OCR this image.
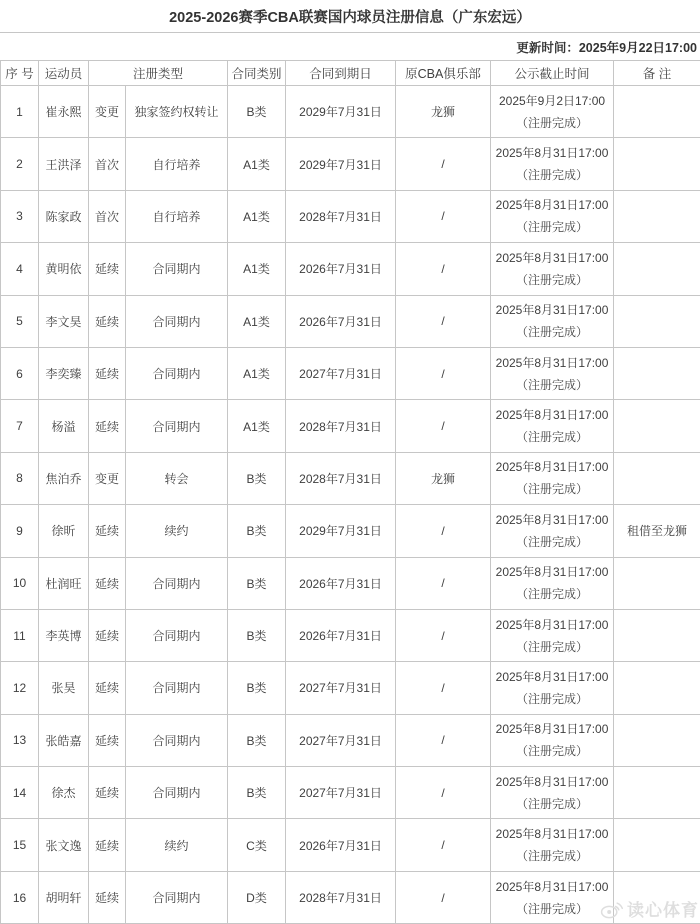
2025-2026赛季CBA联赛国内球员注册信息（广东宏远）
更新时间：2025年9月22日17:00
序 号	运动员	注册类型		合同类别	合同到期日	原CBA俱乐部	公示截止时间	备 注
1	崔永熙	变更	独家签约权转让	B类	2029年7月31日	龙狮	2025年9月2日17:00
（注册完成）	

2	王洪泽	首次	自行培养	A1类	2029年7月31日	/	2025年8月31日17:00
（注册完成）	

3	陈家政	首次	自行培养	A1类	2028年7月31日	/	2025年8月31日17:00
（注册完成）	

4	黄明依	延续	合同期内	A1类	2026年7月31日	/	2025年8月31日17:00
（注册完成）	

5	李文昊	延续	合同期内	A1类	2026年7月31日	/	2025年8月31日17:00
（注册完成）	

6	李奕臻	延续	合同期内	A1类	2027年7月31日	/	2025年8月31日17:00
（注册完成）	

7	杨溢	延续	合同期内	A1类	2028年7月31日	/	2025年8月31日17:00
（注册完成）	

8	焦泊乔	变更	转会	B类	2028年7月31日	龙狮	2025年8月31日17:00
（注册完成）	

9	徐昕	延续	续约	B类	2029年7月31日	/	2025年8月31日17:00
（注册完成）	租借至龙狮
10	杜润旺	延续	合同期内	B类	2026年7月31日	/	2025年8月31日17:00
（注册完成）	

11	李英博	延续	合同期内	B类	2026年7月31日	/	2025年8月31日17:00
（注册完成）	

12	张昊	延续	合同期内	B类	2027年7月31日	/	2025年8月31日17:00
（注册完成）	

13	张皓嘉	延续	合同期内	B类	2027年7月31日	/	2025年8月31日17:00
（注册完成）	

14	徐杰	延续	合同期内	B类	2027年7月31日	/	2025年8月31日17:00
（注册完成）	

15	张文逸	延续	续约	C类	2026年7月31日	/	2025年8月31日17:00
（注册完成）	

16	胡明轩	延续	合同期内	D类	2028年7月31日	/	2025年8月31日17:00
（注册完成）	
		读心体育
